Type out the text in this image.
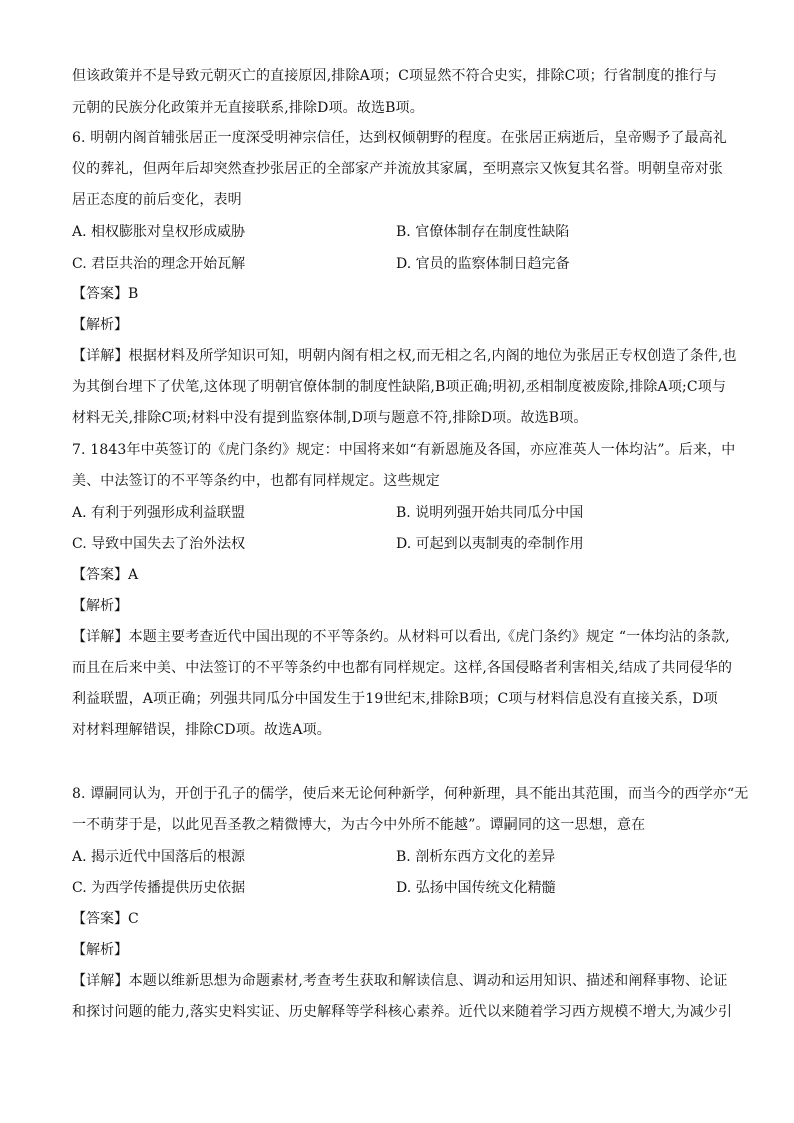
但该政策并不是导致元朝灭亡的直接原因,排除A项；C项显然不符合史实，排除C项；行省制度的推行与
元朝的民族分化政策并无直接联系,排除D项。故选B项。
6. 明朝内阁首辅张居正一度深受明神宗信任，达到权倾朝野的程度。在张居正病逝后，皇帝赐予了最高礼
仪的葬礼，但两年后却突然查抄张居正的全部家产并流放其家属，至明熹宗又恢复其名誉。明朝皇帝对张
居正态度的前后变化，表明
A. 相权膨胀对皇权形成威胁	B. 官僚体制存在制度性缺陷
C. 君臣共治的理念开始瓦解	D. 官员的监察体制日趋完备
【答案】B
【解析】
【详解】根据材料及所学知识可知，明朝内阁有相之权,而无相之名,内阁的地位为张居正专权创造了条件,也
为其倒台埋下了伏笔,这体现了明朝官僚体制的制度性缺陷,B项正确;明初,丞相制度被废除,排除A项;C项与
材料无关,排除C项;材料中没有提到监察体制,D项与题意不符,排除D项。故选B项。
7. 1843年中英签订的《虎门条约》规定：中国将来如“有新恩施及各国，亦应准英人一体均沾”。后来，中
美、中法签订的不平等条约中，也都有同样规定。这些规定
A. 有利于列强形成利益联盟	B. 说明列强开始共同瓜分中国
C. 导致中国失去了治外法权	D. 可起到以夷制夷的牵制作用
【答案】A
【解析】
【详解】本题主要考查近代中国出现的不平等条约。从材料可以看出,《虎门条约》规定 “一体均沾的条款,
而且在后来中美、中法签订的不平等条约中也都有同样规定。这样,各国侵略者利害相关,结成了共同侵华的
利益联盟，A项正确；列强共同瓜分中国发生于19世纪末,排除B项；C项与材料信息没有直接关系，D项
对材料理解错误，排除CD项。故选A项。
8. 谭嗣同认为，开创于孔子的儒学，使后来无论何种新学，何种新理，具不能出其范围，而当今的西学亦“无
一不萌芽于是，以此见吾圣教之精微博大，为古今中外所不能越”。谭嗣同的这一思想，意在
A. 揭示近代中国落后的根源	B. 剖析东西方文化的差异
C. 为西学传播提供历史依据	D. 弘扬中国传统文化精髓
【答案】C
【解析】
【详解】本题以维新思想为命题素材,考查考生获取和解读信息、调动和运用知识、描述和阐释事物、论证
和探讨问题的能力,落实史料实证、历史解释等学科核心素养。近代以来随着学习西方规模不增大,为减少引
